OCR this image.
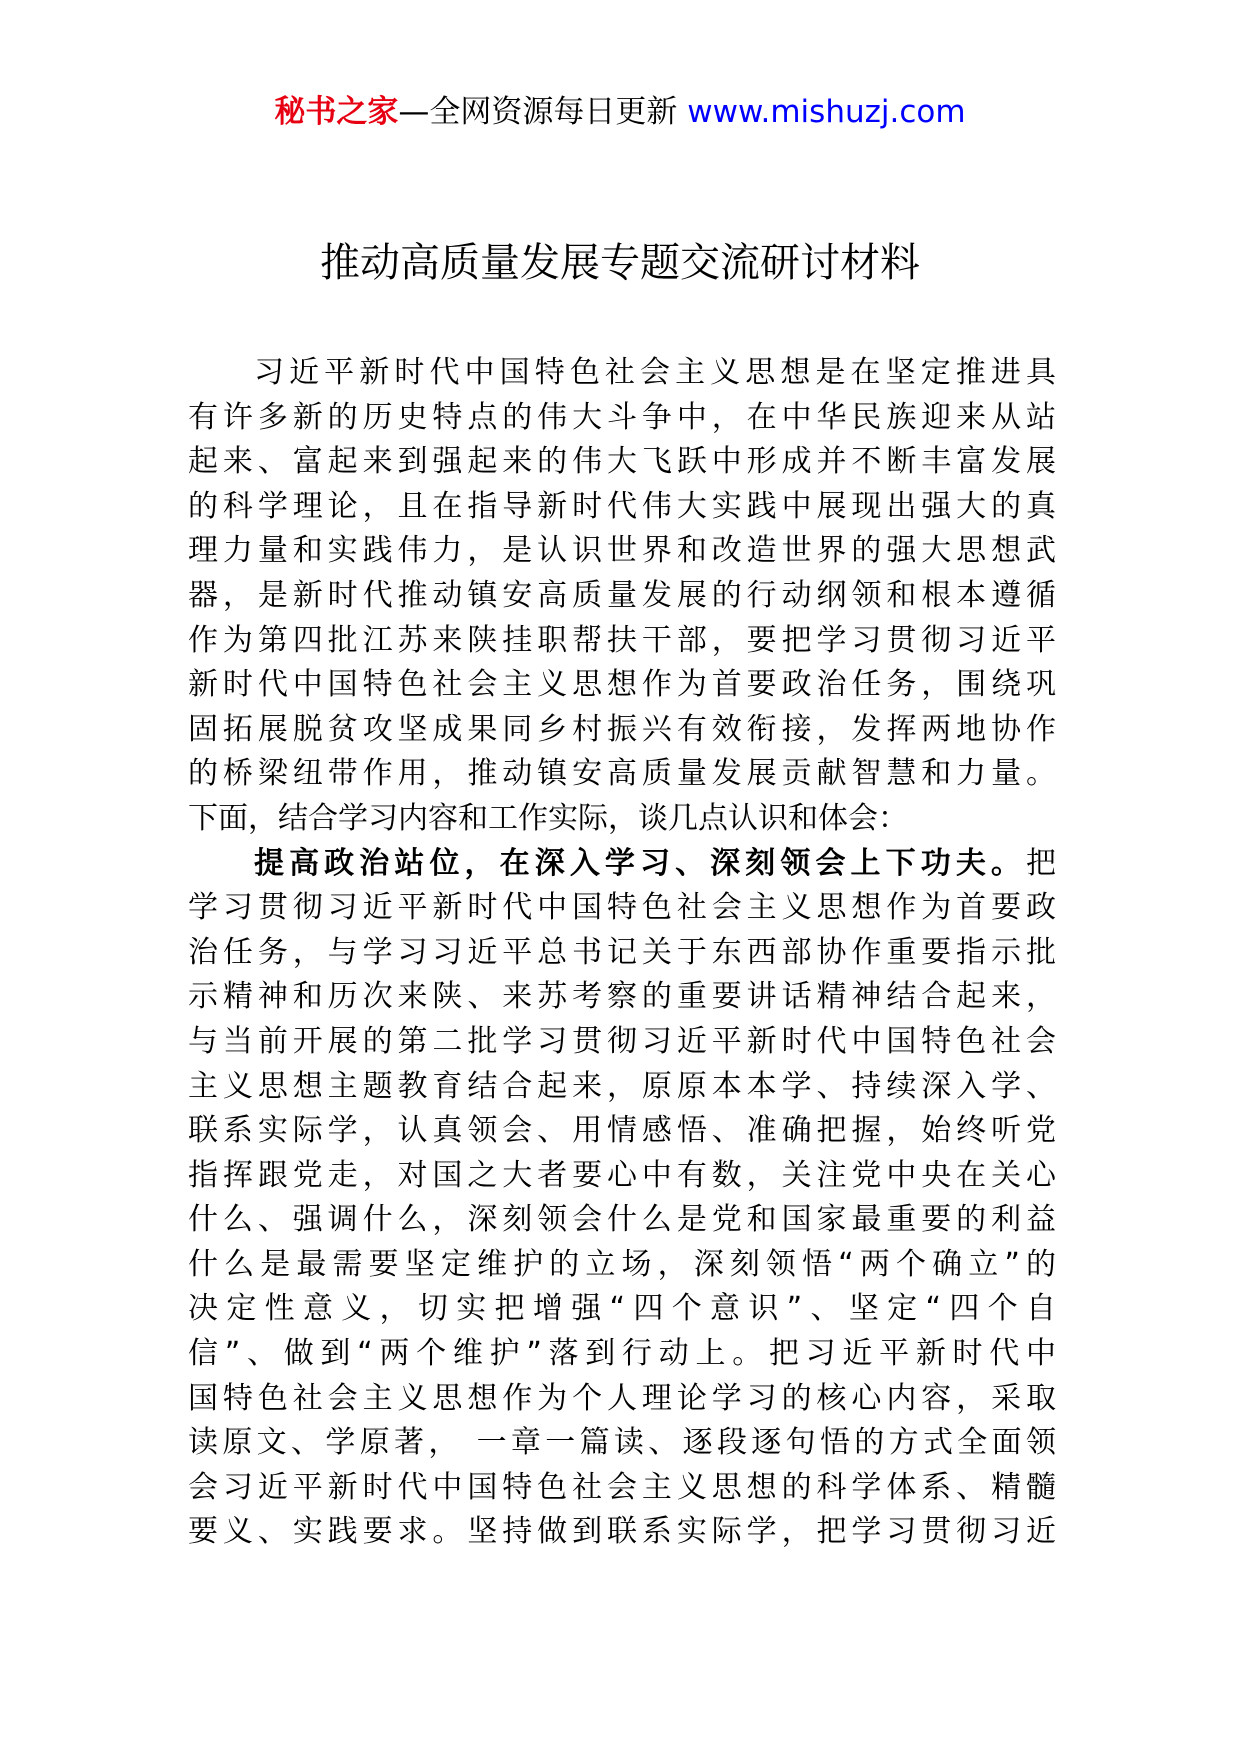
秘书之家—全网资源每日更新 www.mishuzj.com
推动高质量发展专题交流研讨材料
习近平新时代中国特色社会主义思想是在坚定推进具
有许多新的历史特点的伟大斗争中，在中华民族迎来从站
起来、富起来到强起来的伟大飞跃中形成并不断丰富发展
的科学理论，且在指导新时代伟大实践中展现出强大的真
理力量和实践伟力，是认识世界和改造世界的强大思想武
器，是新时代推动镇安高质量发展的行动纲领和根本遵循
作为第四批江苏来陕挂职帮扶干部，要把学习贯彻习近平
新时代中国特色社会主义思想作为首要政治任务，围绕巩
固拓展脱贫攻坚成果同乡村振兴有效衔接，发挥两地协作
的桥梁纽带作用，推动镇安高质量发展贡献智慧和力量。
下面，结合学习内容和工作实际，谈几点认识和体会：
提高政治站位，在深入学习、深刻领会上下功夫。把
学习贯彻习近平新时代中国特色社会主义思想作为首要政
治任务，与学习习近平总书记关于东西部协作重要指示批
示精神和历次来陕、来苏考察的重要讲话精神结合起来，
与当前开展的第二批学习贯彻习近平新时代中国特色社会
主义思想主题教育结合起来，原原本本学、持续深入学、
联系实际学，认真领会、用情感悟、准确把握，始终听党
指挥跟党走，对国之大者要心中有数，关注党中央在关心
什么、强调什么，深刻领会什么是党和国家最重要的利益
什么是最需要坚定维护的立场，深刻领悟“两个确立”的
决定性意义，切实把增强“四个意识”、坚定“四个自
信”、做到“两个维护”落到行动上。把习近平新时代中
国特色社会主义思想作为个人理论学习的核心内容，采取
读原文、学原著， 一章一篇读、逐段逐句悟的方式全面领
会习近平新时代中国特色社会主义思想的科学体系、精髓
要义、实践要求。坚持做到联系实际学，把学习贯彻习近
